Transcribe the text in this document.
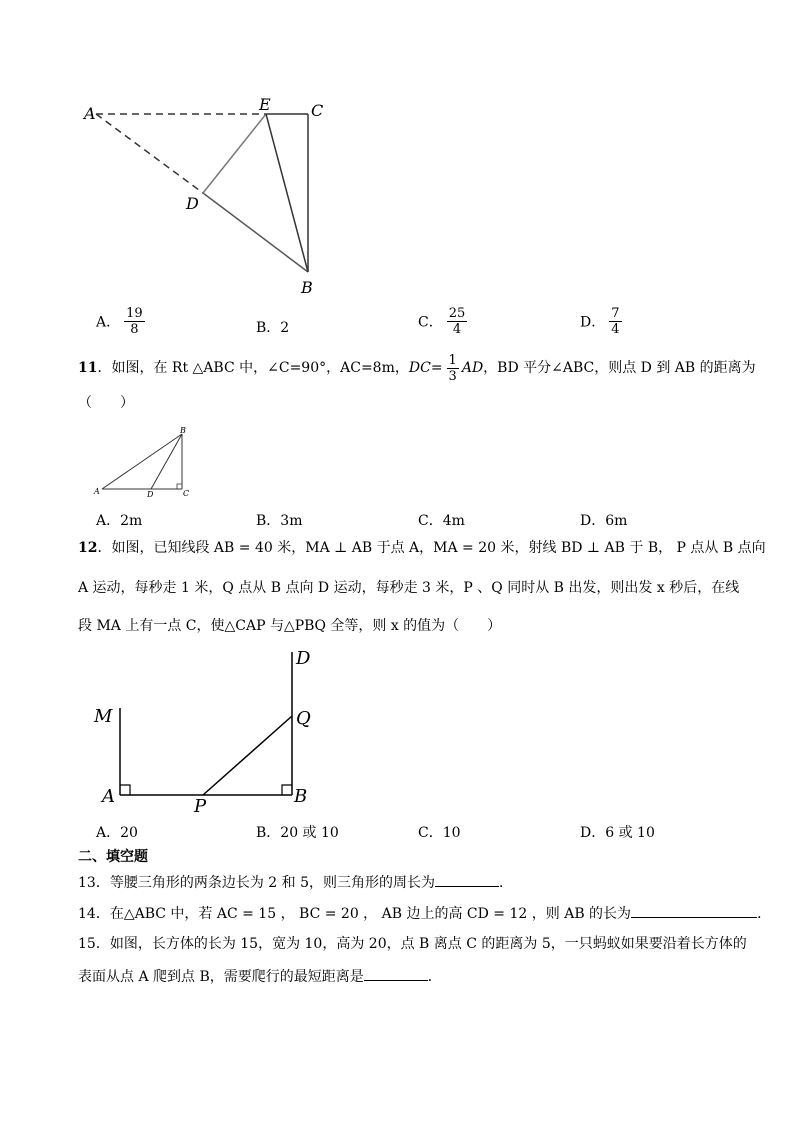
A	E	C
D
B
A． $\frac{19}{8}$	B．2	C． $\frac{25}{4}$	D． $\frac{7}{4}$
11 ．如图，在 Rt △ABC 中，∠C=90°，AC=8m， DC = $\frac{1}{3}$ AD ，BD 平分∠ABC，则点 D 到 AB 的距离为
（　　）
B
A	D	C
A．2m	B．3m	C．4m	D．6m
12．如图，已知线段 AB = 40 米，MA ⊥ AB 于点 A，MA = 20 米，射线 BD ⊥ AB 于 B， P 点从 B 点向
A 运动，每秒走 1 米，Q 点从 B 点向 D 运动，每秒走 3 米，P 、Q 同时从 B 出发，则出发 x 秒后，在线
段 MA 上有一点 C，使△CAP 与△PBQ 全等，则 x 的值为（　　）
D
M	Q
A	P	B
A．20	B．20 或 10	C．10	D．6 或 10
二、填空题
13．等腰三角形的两条边长为 2 和 5，则三角形的周长为	．
14．在△ABC 中，若 AC = 15 ， BC = 20 ， AB 边上的高 CD = 12 ，则 AB 的长为	．
15．如图，长方体的长为 15，宽为 10，高为 20，点 B 离点 C 的距离为 5，一只蚂蚁如果要沿着长方体的
表面从点 A 爬到点 B，需要爬行的最短距离是	．
